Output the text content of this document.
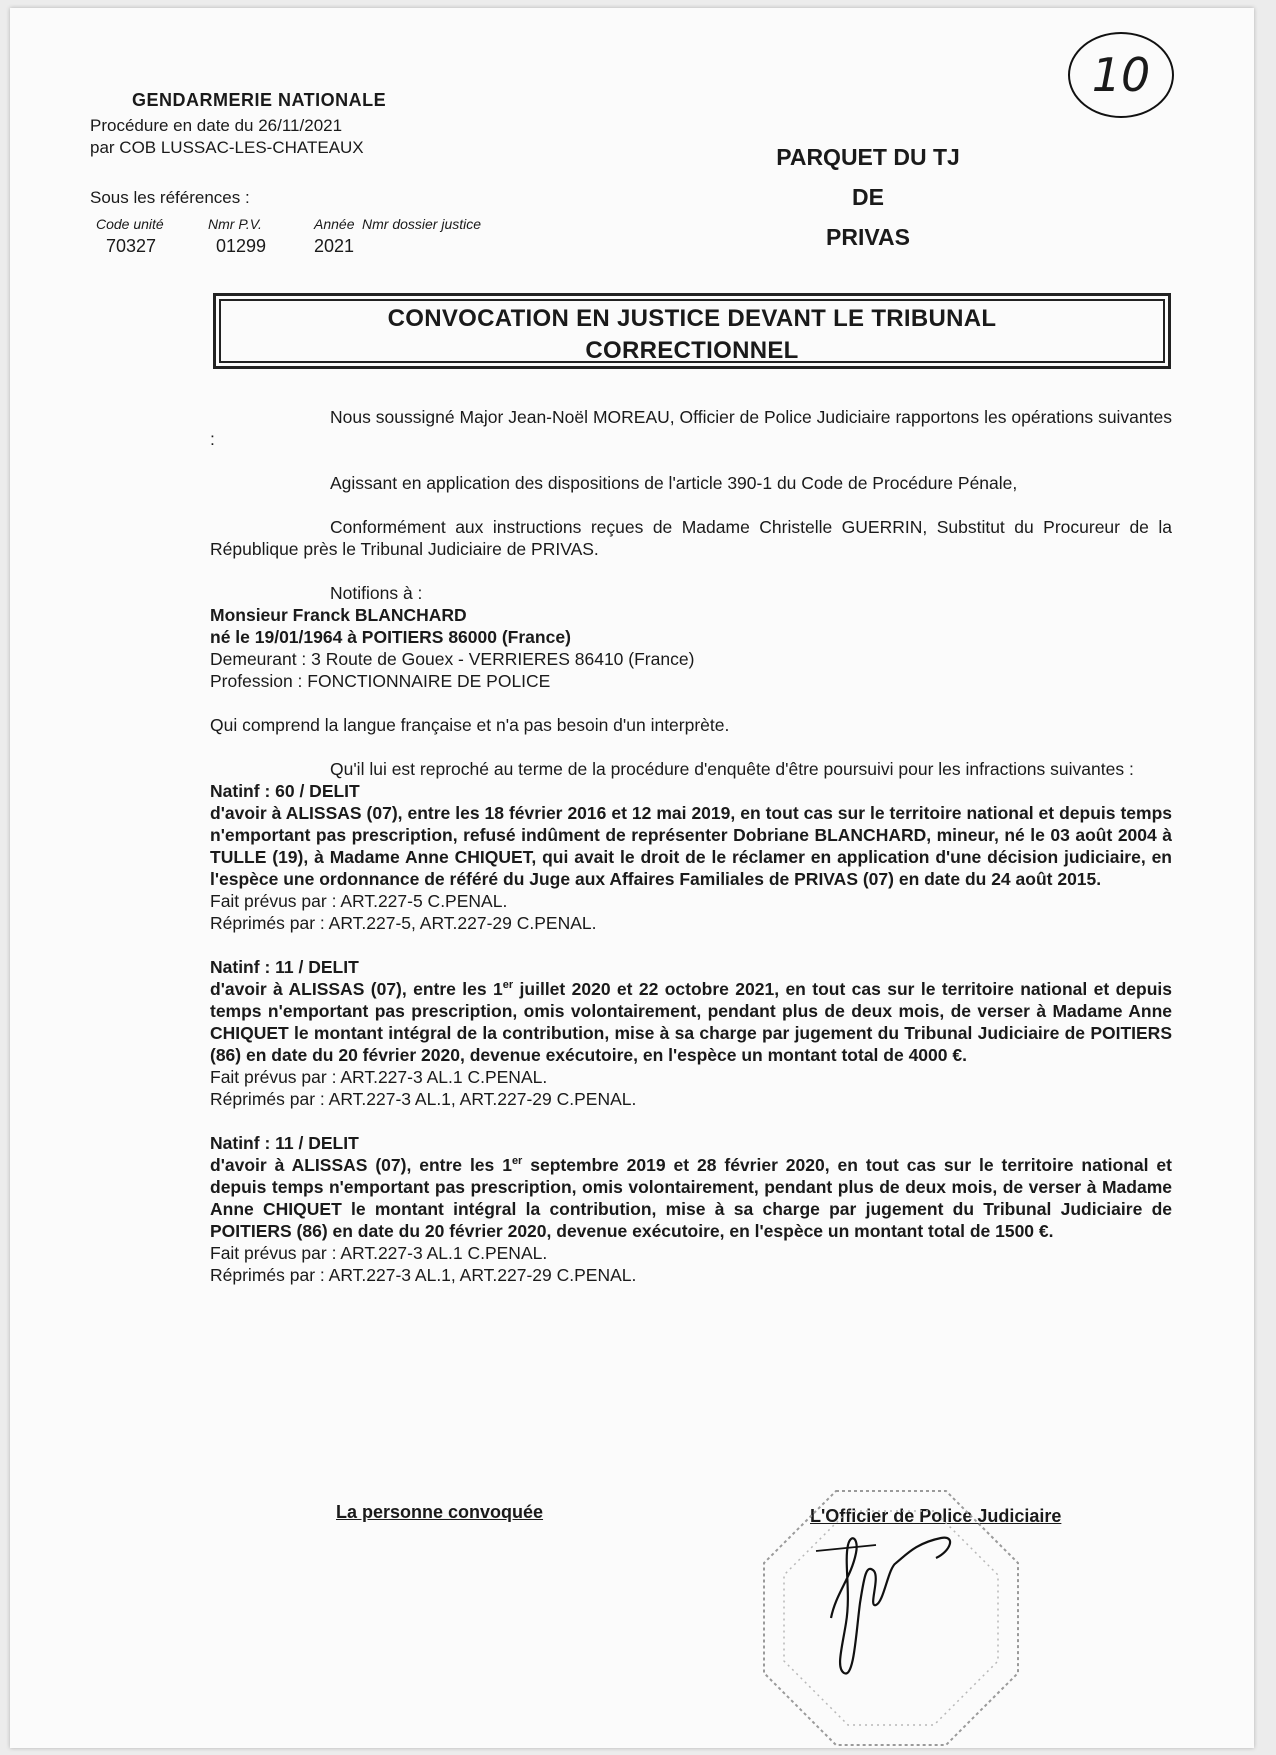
GENDARMERIE NATIONALE
Procédure en date du 26/11/2021
par COB LUSSAC-LES-CHATEAUX
Sous les références :
Code unité
70327
Nmr P.V.
01299
Année
2021
Nmr dossier justice
PARQUET DU TJ
DE
PRIVAS
10
CONVOCATION EN JUSTICE DEVANT LE TRIBUNAL
CORRECTIONNEL

Nous soussigné Major Jean-Noël MOREAU, Officier de Police Judiciaire rapportons les opérations suivantes :

Agissant en application des dispositions de l'article 390-1 du Code de Procédure Pénale,

Conformément aux instructions reçues de Madame Christelle GUERRIN, Substitut du Procureur de la République près le Tribunal Judiciaire de PRIVAS.

Notifions à :

Monsieur Franck BLANCHARD

né le 19/01/1964 à POITIERS 86000 (France)

Demeurant : 3 Route de Gouex - VERRIERES 86410 (France)

Profession : FONCTIONNAIRE DE POLICE

Qui comprend la langue française et n'a pas besoin d'un interprète.

Qu'il lui est reproché au terme de la procédure d'enquête d'être poursuivi pour les infractions suivantes :

Natinf : 60 / DELIT

d'avoir à ALISSAS (07), entre les 18 février 2016 et 12 mai 2019, en tout cas sur le territoire national et depuis temps n'emportant pas prescription, refusé indûment de représenter Dobriane BLANCHARD, mineur, né le 03 août 2004 à TULLE (19), à Madame Anne CHIQUET, qui avait le droit de le réclamer en application d'une décision judiciaire, en l'espèce une ordonnance de référé du Juge aux Affaires Familiales de PRIVAS (07) en date du 24 août 2015.

Fait prévus par : ART.227-5 C.PENAL.

Réprimés par : ART.227-5, ART.227-29 C.PENAL.

Natinf : 11 / DELIT

d'avoir à ALISSAS (07), entre les 1er juillet 2020 et 22 octobre 2021, en tout cas sur le territoire national et depuis temps n'emportant pas prescription, omis volontairement, pendant plus de deux mois, de verser à Madame Anne CHIQUET le montant intégral de la contribution, mise à sa charge par jugement du Tribunal Judiciaire de POITIERS (86) en date du 20 février 2020, devenue exécutoire, en l'espèce un montant total de 4000 €.

Fait prévus par : ART.227-3 AL.1 C.PENAL.

Réprimés par : ART.227-3 AL.1, ART.227-29 C.PENAL.

Natinf : 11 / DELIT

d'avoir à ALISSAS (07), entre les 1er septembre 2019 et 28 février 2020, en tout cas sur le territoire national et depuis temps n'emportant pas prescription, omis volontairement, pendant plus de deux mois, de verser à Madame Anne CHIQUET le montant intégral la contribution, mise à sa charge par jugement du Tribunal Judiciaire de POITIERS (86) en date du 20 février 2020, devenue exécutoire, en l'espèce un montant total de 1500 €.

Fait prévus par : ART.227-3 AL.1 C.PENAL.

Réprimés par : ART.227-3 AL.1, ART.227-29 C.PENAL.

La personne convoquée	L'Officier de Police Judiciaire
